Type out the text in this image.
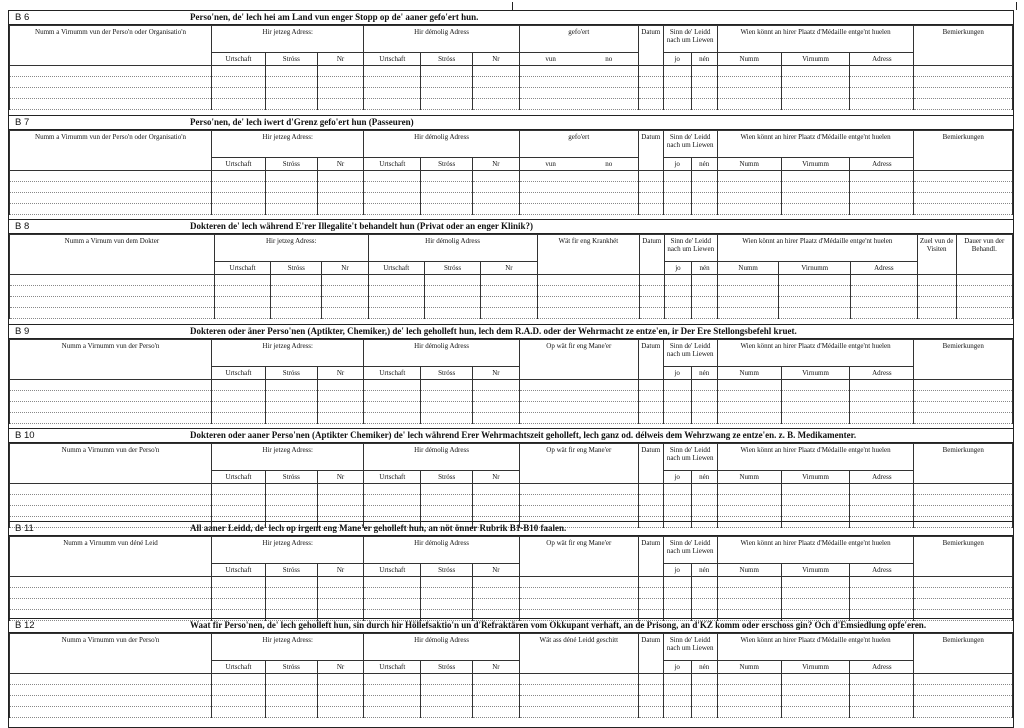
B 6	Perso'nen, de' lech hei am Land vun enger Stopp op de' aaner gefo'ert hun.
Numm a Virnumm vun der Perso'n oder Organisatio'n	Hir jetzeg Adress:			Hir démolig Adress			gefo'ert	Datum	Sinn de' Leidd nach um Liewen		Wien könnt an hirer Plaatz d'Médaille entge'nt huelen			Bemierkungen
	Urtschaft	Stróss	Nr	Urtschaft	Stróss	Nr	vun no		jo	nén	Numm	Virnumm	Adress	

B 7	Perso'nen, de' lech iwert d'Grenz gefo'ert hun (Passeuren)
Numm a Virnumm vun der Perso'n oder Organisatio'n	Hir jetzeg Adress:			Hir démolig Adress			gefo'ert	Datum	Sinn de' Leidd nach um Liewen		Wien könnt an hirer Plaatz d'Médaille entge'nt huelen			Bemierkungen
	Urtschaft	Stróss	Nr	Urtschaft	Stróss	Nr	vun no		jo	nén	Numm	Virnumm	Adress	

B 8	Dokteren de' lech während E'rer Illegalite't behandelt hun (Privat oder an enger Klinik?)
Numm a Virnum vun dem Dokter	Hir jetzeg Adress:			Hir démolig Adress			Wät fir eng Krankhét	Datum	Sinn de' Leidd nach um Liewen		Wien könnt an hirer Plaatz d'Médaille entge'nt huelen			Zuel vun de Visiten	Dauer vun der Behandl.
	Urtschaft	Stróss	Nr	Urtschaft	Stróss	Nr			jo	nén	Numm	Virnumm	Adress		

B 9	Dokteren oder äner Perso'nen (Aptikter, Chemiker,) de' lech geholleft hun, lech dem R.A.D. oder der Wehrmacht ze entze'en, ir Der Ere Stellongsbefehl kruet.
Numm a Virnumm vun der Perso'n	Hir jetzeg Adress:			Hir démolig Adress			Op wät fir eng Mane'er	Datum	Sinn de' Leidd nach um Liewen		Wien könnt an hirer Plaatz d'Médaille entge'nt huelen			Bemierkungen
	Urtschaft	Stróss	Nr	Urtschaft	Stróss	Nr			jo	nén	Numm	Virnumm	Adress	

B 10	Dokteren oder aaner Perso'nen (Aptikter Chemiker) de' lech während Erer Wehrmachtszeit geholleft, lech ganz od. délweis dem Wehrzwang ze entze'en. z. B. Medikamenter.
Numm a Virnumm vun der Perso'n	Hir jetzeg Adress:			Hir démolig Adress			Op wät fir eng Mane'er	Datum	Sinn de' Leidd nach um Liewen		Wien könnt an hirer Plaatz d'Médaille entge'nt huelen			Bemierkungen
	Urtschaft	Stróss	Nr	Urtschaft	Stróss	Nr			jo	nén	Numm	Virnumm	Adress	

B 11	All aaner Leidd, de' lech op irgent eng Mane'er geholleft hun, an nöt önner Rubrik B1-B10 faalen.
Numm a Virnumm vun déné Leid	Hir jetzeg Adress:			Hir démolig Adress			Op wät fir eng Mane'er	Datum	Sinn de' Leidd nach um Liewen		Wien könnt an hirer Plaatz d'Médaille entge'nt huelen			Bemierkungen
	Urtschaft	Stróss	Nr	Urtschaft	Stróss	Nr			jo	nén	Numm	Virnumm	Adress	

B 12	Waat fir Perso'nen, de' lech geholleft hun, sin durch hir Höllefsaktio'n un d'Refraktären vom Okkupant verhaft, an de Prisong, an d'KZ komm oder erschoss gin? Och d'Emsiedlung opfe'eren.
Numm a Virnumm vun der Perso'n	Hir jetzeg Adress:			Hir démolig Adress			Wät ass déné Leidd geschitt	Datum	Sinn de' Leidd nach um Liewen		Wien könnt an hirer Plaatz d'Médaille entge'nt huelen			Bemierkungen
	Urtschaft	Stróss	Nr	Urtschaft	Stróss	Nr			jo	nén	Numm	Virnumm	Adress	
